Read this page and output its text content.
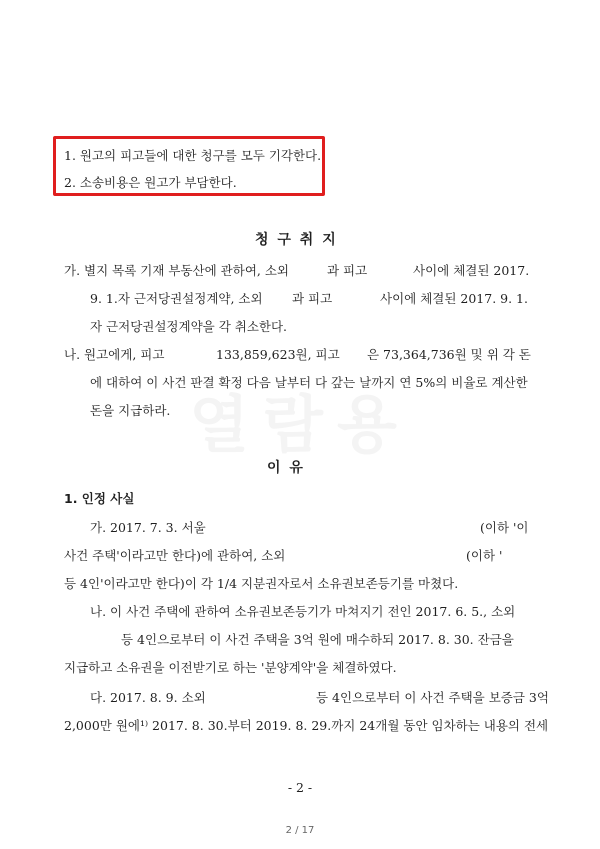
열람용
1. 원고의 피고들에 대한 청구를 모두 기각한다.
2. 소송비용은 원고가 부담한다.
청 구 취 지
가. 별지 목록 기재 부동산에 관하여, 소외	과 피고	사이에 체결된 2017.
9. 1.자 근저당권설정계약, 소외 과 피고	사이에 체결된 2017. 9. 1.
자 근저당권설정계약을 각 취소한다.
나. 원고에게, 피고	133,859,623원, 피고 은 73,364,736원 및 위 각 돈
에 대하여 이 사건 판결 확정 다음 날부터 다 갚는 날까지 연 5%의 비율로 계산한
돈을 지급하라.
이 유
1. 인정 사실
가. 2017. 7. 3. 서울	(이하 '이
사건 주택'이라고만 한다)에 관하여, 소외	(이하 '
등 4인'이라고만 한다)이 각 1/4 지분권자로서 소유권보존등기를 마쳤다.
나. 이 사건 주택에 관하여 소유권보존등기가 마쳐지기 전인 2017. 6. 5., 소외
등 4인으로부터 이 사건 주택을 3억 원에 매수하되 2017. 8. 30. 잔금을
지급하고 소유권을 이전받기로 하는 '분양계약'을 체결하였다.
다. 2017. 8. 9. 소외	등 4인으로부터 이 사건 주택을 보증금 3억
2,000만 원에¹⁾ 2017. 8. 30.부터 2019. 8. 29.까지 24개월 동안 임차하는 내용의 전세
- 2 -
2 / 17
